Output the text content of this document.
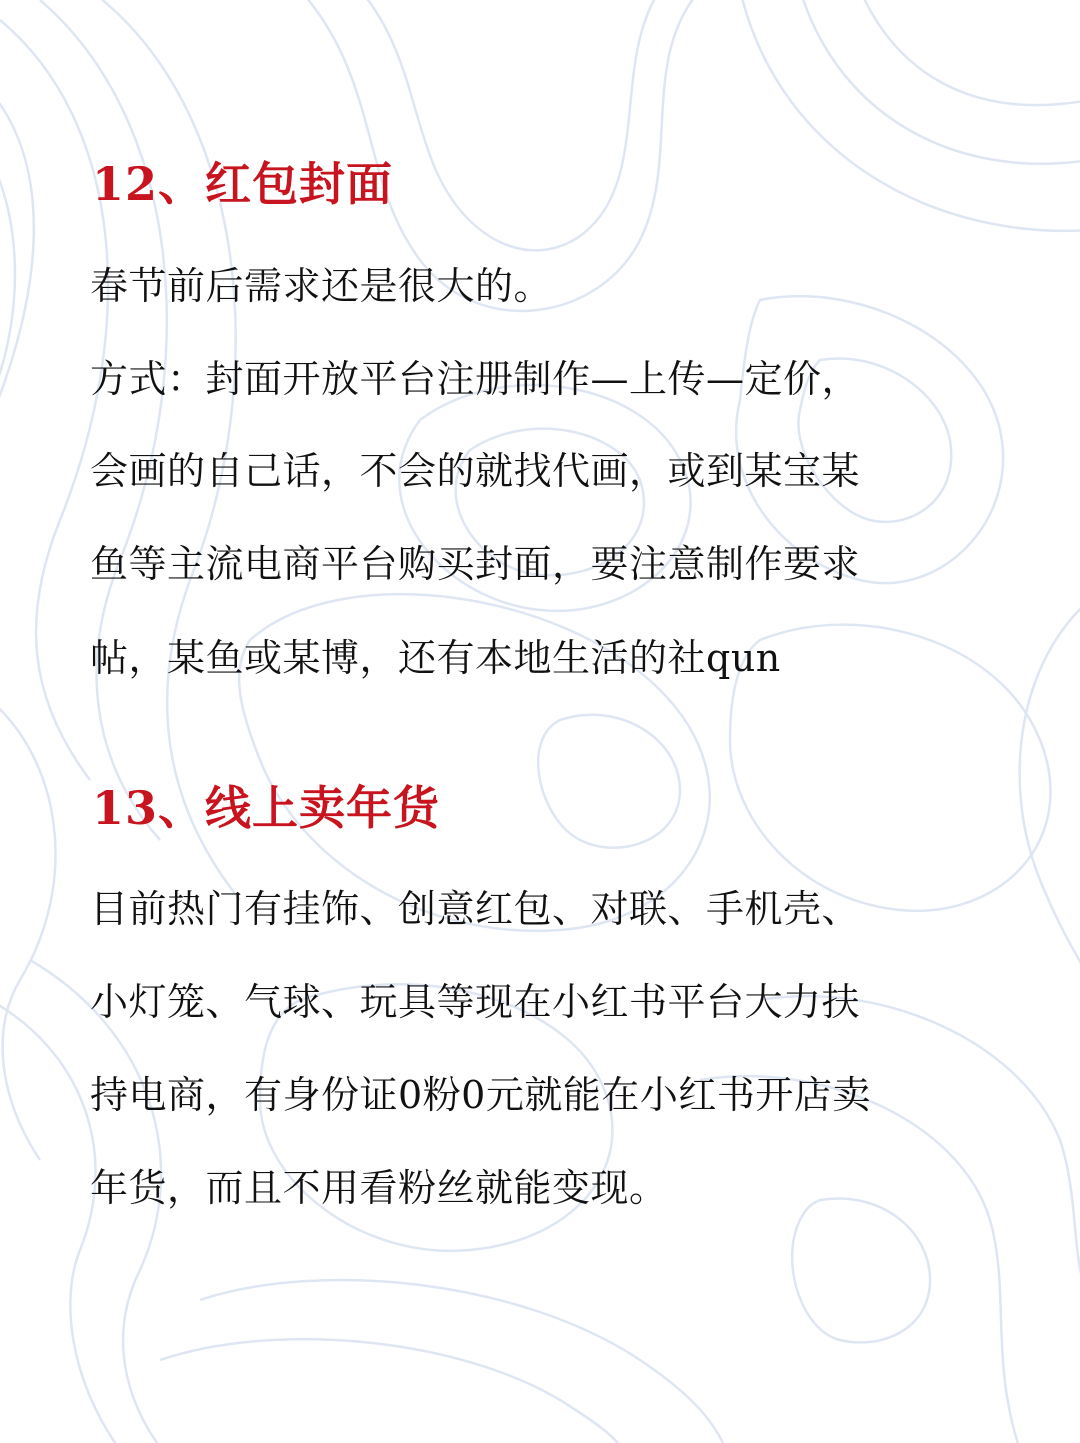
12、红包封面

春节前后需求还是很大的。

方式：封面开放平台注册制作—上传—定价，

会画的自己话，不会的就找代画，或到某宝某

鱼等主流电商平台购买封面，要注意制作要求

帖，某鱼或某博，还有本地生活的社qun

13、线上卖年货

目前热门有挂饰、创意红包、对联、手机壳、

小灯笼、气球、玩具等现在小红书平台大力扶

持电商，有身份证0粉0元就能在小红书开店卖

年货，而且不用看粉丝就能变现。
